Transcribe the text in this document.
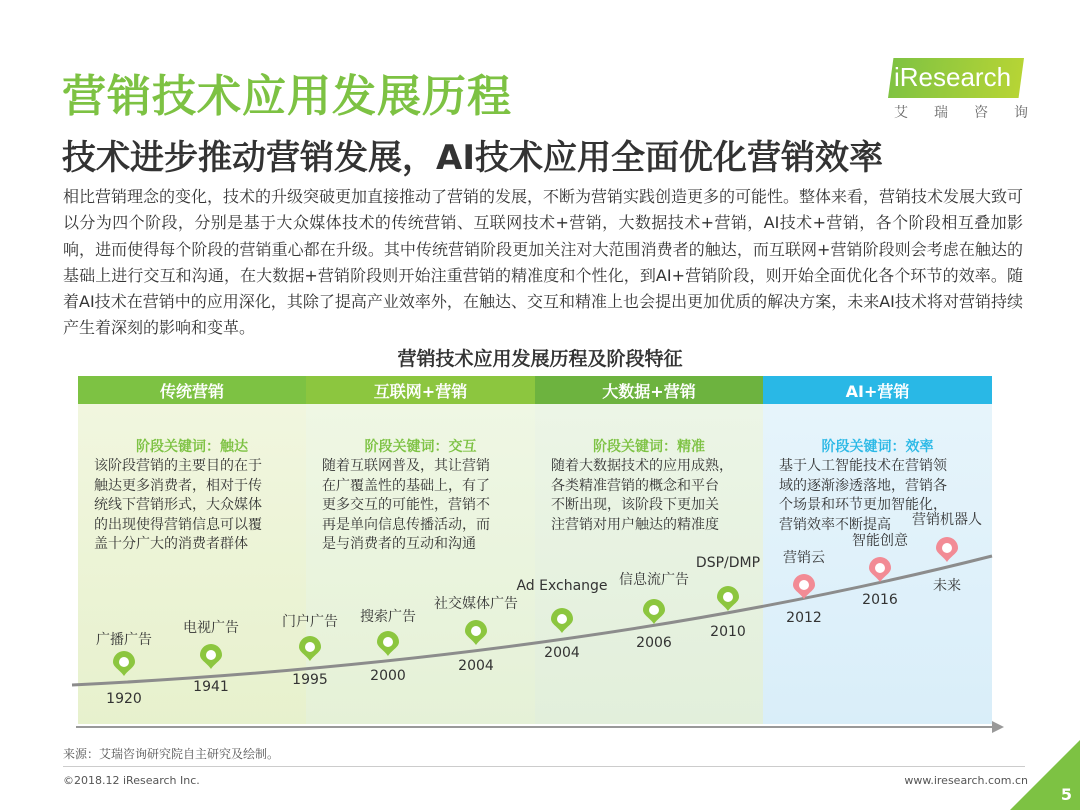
营销技术应用发展历程
技术进步推动营销发展，AI技术应用全面优化营销效率
iResearch
艾 瑞 咨 询
相比营销理念的变化，技术的升级突破更加直接推动了营销的发展，不断为营销实践创造更多的可能性。整体来看，营销技术发展大致可以分为四个阶段，分别是基于大众媒体技术的传统营销、互联网技术+营销，大数据技术+营销，AI技术+营销，各个阶段相互叠加影响，进而使得每个阶段的营销重心都在升级。其中传统营销阶段更加关注对大范围消费者的触达，而互联网+营销阶段则会考虑在触达的基础上进行交互和沟通，在大数据+营销阶段则开始注重营销的精准度和个性化，到AI+营销阶段，则开始全面优化各个环节的效率。随着AI技术在营销中的应用深化，其除了提高产业效率外，在触达、交互和精准上也会提出更加优质的解决方案，未来AI技术将对营销持续产生着深刻的影响和变革。
营销技术应用发展历程及阶段特征
传统营销
阶段关键词：触达
该阶段营销的主要目的在于
触达更多消费者，相对于传
统线下营销形式，大众媒体
的出现使得营销信息可以覆
盖十分广大的消费者群体
互联网+营销
阶段关键词：交互
随着互联网普及，其让营销
在广覆盖性的基础上，有了
更多交互的可能性，营销不
再是单向信息传播活动，而
是与消费者的互动和沟通
大数据+营销
阶段关键词：精准
随着大数据技术的应用成熟，
各类精准营销的概念和平台
不断出现，该阶段下更加关
注营销对用户触达的精准度
AI+营销
阶段关键词：效率
基于人工智能技术在营销领
域的逐渐渗透落地，营销各
个场景和环节更加智能化，
营销效率不断提高
广播广告
1920
电视广告
1941
门户广告
1995
搜索广告
2000
社交媒体广告
2004
Ad Exchange
2004
信息流广告
2006
DSP/DMP
2010
营销云
2012
智能创意
2016
营销机器人
未来
来源：艾瑞咨询研究院自主研究及绘制。
©2018.12 iResearch Inc.	www.iresearch.com.cn
5
